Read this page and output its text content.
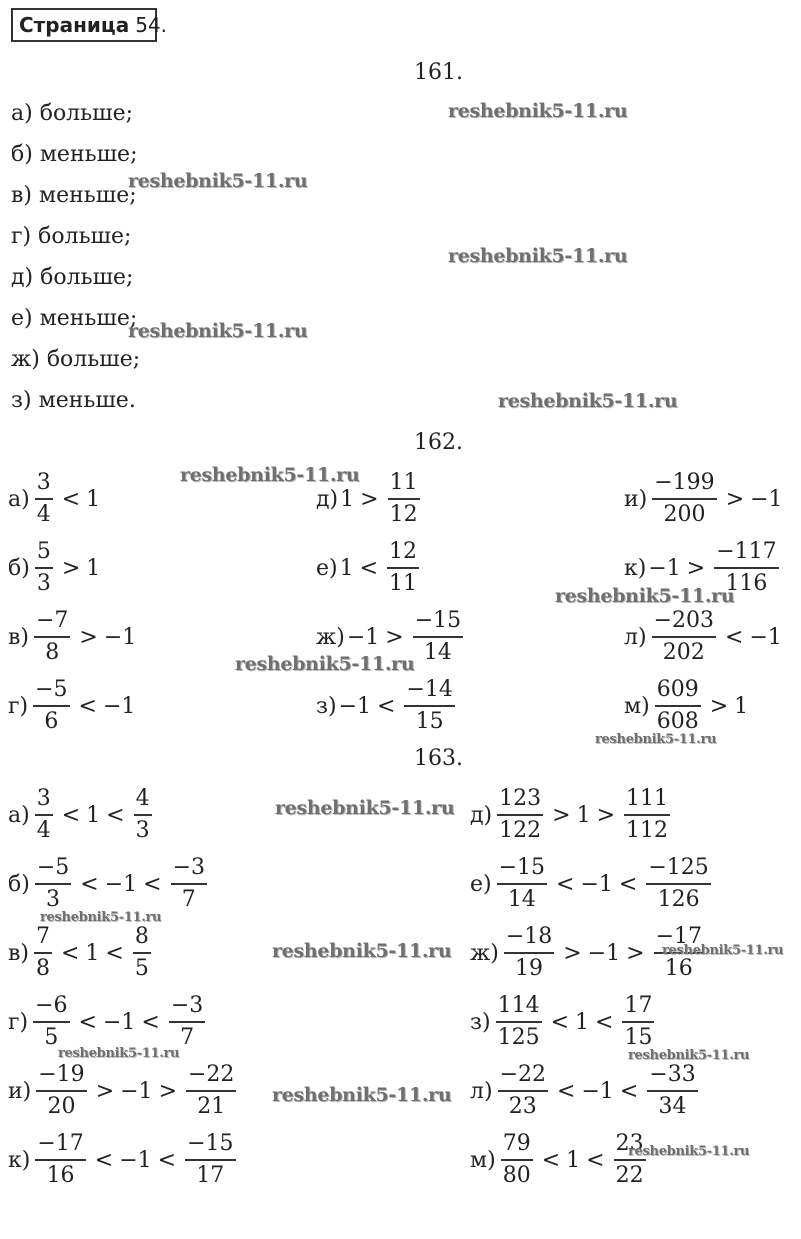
Страница 54.
161.
а) больше;
б) меньше;
в) меньше;
г) больше;
д) больше;
е) меньше;
ж) больше;
з) меньше.
162.
$а) \frac{3}{4} < 1$
$б) \frac{5}{3} > 1$
$в) \frac{-7}{8} > -1$
$г) \frac{-5}{6} < -1$
д) $1 > \frac{11}{12}$
е) $1 < \frac{12}{11}$
$ж) -1 > \frac{-15}{14}$
$з) -1 < \frac{-14}{15}$
$и) \frac{-199}{200} > -1$
$к) -1 > \frac{-117}{116}$
$л) \frac{-203}{202} < -1$
$м) \frac{609}{608} > 1$
163.
$а) \frac{3}{4} < 1 < \frac{4}{3}$
$б) \frac{-5}{3} < -1 < \frac{-3}{7}$
$в) \frac{7}{8} < 1 < \frac{8}{5}$
$г) \frac{-6}{5} < -1 < \frac{-3}{7}$
$и) \frac{-19}{20} > -1 > \frac{-22}{21}$
$к) \frac{-17}{16} < -1 < \frac{-15}{17}$
$д) \frac{123}{122} > 1 > \frac{111}{112}$
$е) \frac{-15}{14} < -1 < \frac{-125}{126}$
$ж) \frac{-18}{19} > -1 > \frac{-17}{16}$
$з) \frac{114}{125} < 1 < \frac{17}{15}$
$л) \frac{-22}{23} < -1 < \frac{-33}{34}$
$м) \frac{79}{80} < 1 < \frac{23}{22}$
reshebnik5-11.ru
reshebnik5-11.ru
reshebnik5-11.ru
reshebnik5-11.ru
reshebnik5-11.ru
reshebnik5-11.ru
reshebnik5-11.ru
reshebnik5-11.ru
reshebnik5-11.ru
reshebnik5-11.ru
reshebnik5-11.ru
reshebnik5-11.ru	reshebnik5-11.ru
reshebnik5-11.ru	reshebnik5-11.ru
reshebnik5-11.ru
reshebnik5-11.ru
